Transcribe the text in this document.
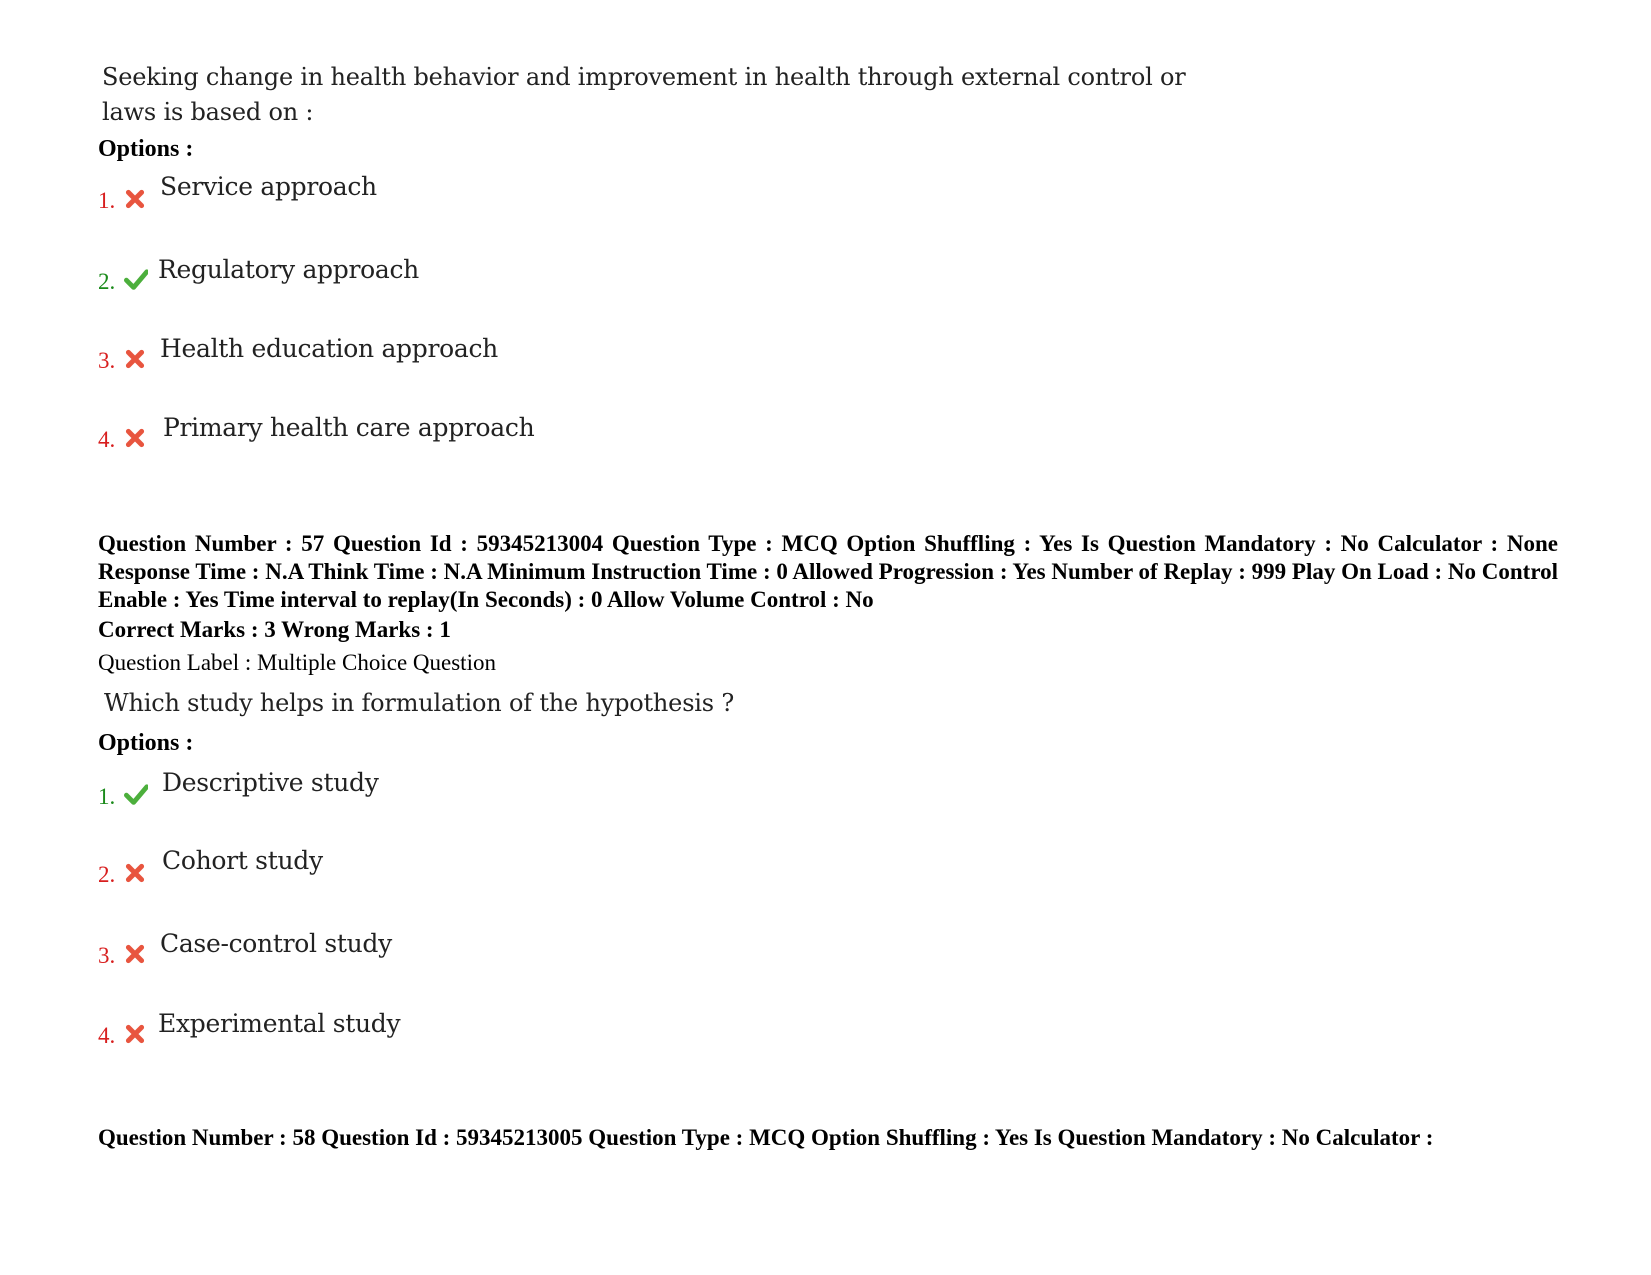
Seeking change in health behavior and improvement in health through external control or
laws is based on :
Options :
1. Service approach
2. Regulatory approach
3. Health education approach
4. Primary health care approach
Question Number : 57 Question Id : 59345213004 Question Type : MCQ Option Shuffling : Yes Is Question Mandatory : No Calculator : None Response Time : N.A Think Time : N.A Minimum Instruction Time : 0 Allowed Progression : Yes Number of Replay : 999 Play On Load : No Control Enable : Yes Time interval to replay(In Seconds) : 0 Allow Volume Control : No
Correct Marks : 3 Wrong Marks : 1
Question Label : Multiple Choice Question
Which study helps in formulation of the hypothesis ?
Options :
1. Descriptive study
2. Cohort study
3. Case-control study
4. Experimental study
Question Number : 58 Question Id : 59345213005 Question Type : MCQ Option Shuffling : Yes Is Question Mandatory : No Calculator :
